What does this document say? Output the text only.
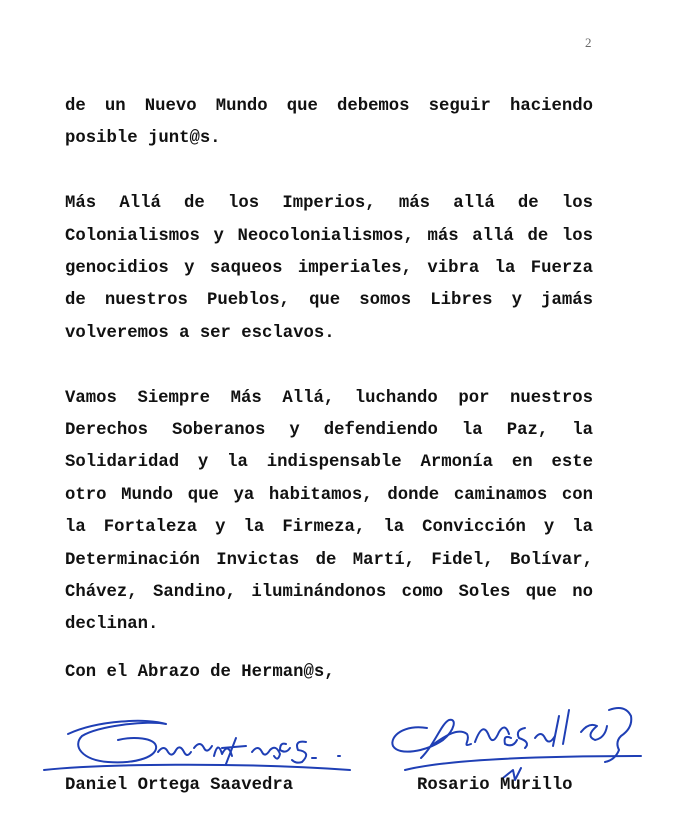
2

de un Nuevo Mundo que debemos seguir haciendo posible junt@s.

Más Allá de los Imperios, más allá de los Colonialismos y Neocolonialismos, más allá de los genocidios y saqueos imperiales, vibra la Fuerza de nuestros Pueblos, que somos Libres y jamás volveremos a ser esclavos.

Vamos Siempre Más Allá, luchando por nuestros Derechos Soberanos y defendiendo la Paz, la Solidaridad y la indispensable Armonía en este otro Mundo que ya habitamos, donde caminamos con la Fortaleza y la Firmeza, la Convicción y la Determinación Invictas de Martí, Fidel, Bolívar, Chávez, Sandino, iluminándonos como Soles que no declinan.

Con el Abrazo de Herman@s,
Daniel Ortega Saavedra	Rosario Murillo
